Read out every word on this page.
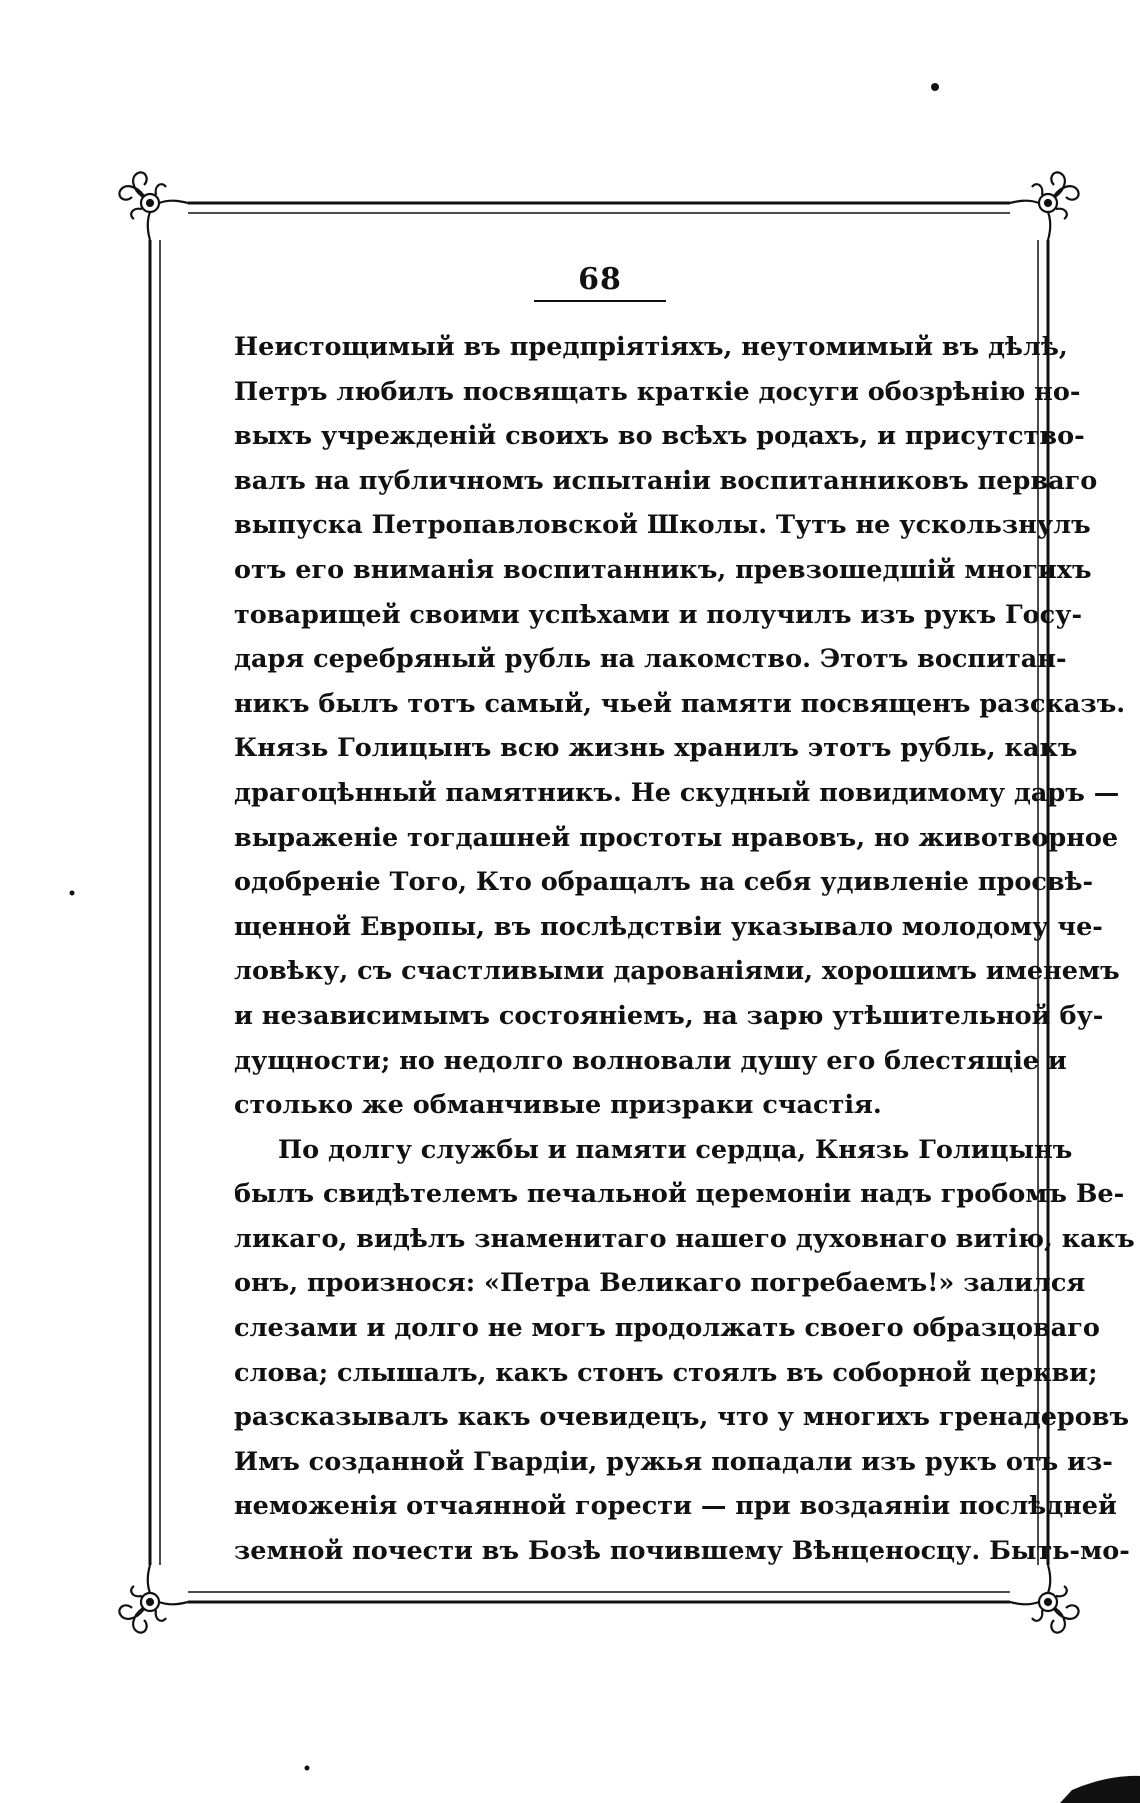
68
Неистощимый въ предпріятіяхъ, неутомимый въ дѣлѣ,
Петръ любилъ посвящать краткіе досуги обозрѣнію но-
выхъ учрежденій своихъ во всѣхъ родахъ, и присутство-
валъ на публичномъ испытаніи воспитанниковъ перваго
выпуска Петропавловской Школы. Тутъ не ускользнулъ
отъ его вниманія воспитанникъ, превзошедшій многихъ
товарищей своими успѣхами и получилъ изъ рукъ Госу-
даря серебряный рубль на лакомство. Этотъ воспитан-
никъ былъ тотъ самый, чьей памяти посвященъ разсказъ.
Князь Голицынъ всю жизнь хранилъ этотъ рубль, какъ
драгоцѣнный памятникъ. Не скудный повидимому даръ —
выраженіе тогдашней простоты нравовъ, но животворное
одобреніе Того, Кто обращалъ на себя удивленіе просвѣ-
щенной Европы, въ послѣдствіи указывало молодому че-
ловѣку, съ счастливыми дарованіями, хорошимъ именемъ
и независимымъ состояніемъ, на зарю утѣшительной бу-
дущности; но недолго волновали душу его блестящіе и
столько же обманчивые призраки счастія.
По долгу службы и памяти сердца, Князь Голицынъ
былъ свидѣтелемъ печальной церемоніи надъ гробомъ Ве-
ликаго, видѣлъ знаменитаго нашего духовнаго витію, какъ
онъ, произнося: «Петра Великаго погребаемъ!» залился
слезами и долго не могъ продолжать своего образцоваго
слова; слышалъ, какъ стонъ стоялъ въ соборной церкви;
разсказывалъ какъ очевидецъ, что у многихъ гренадеровъ
Имъ созданной Гвардіи, ружья попадали изъ рукъ отъ из-
неможенія отчаянной горести — при воздаяніи послѣдней
земной почести въ Бозѣ почившему Вѣнценосцу. Быть-мо-
